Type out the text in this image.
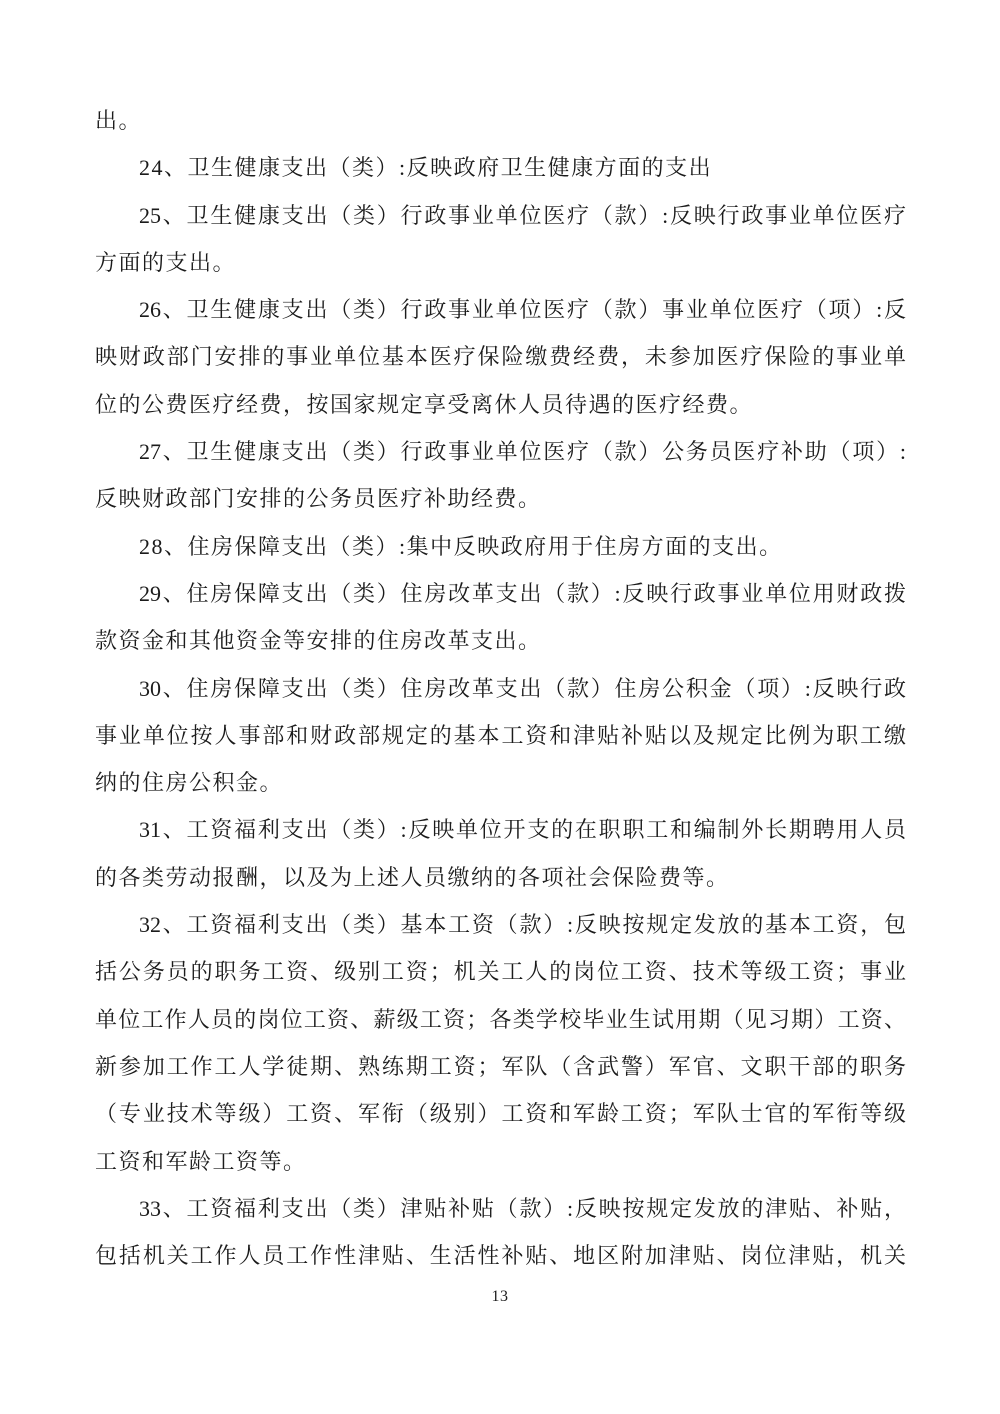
出。
24、卫生健康支出（类）:反映政府卫生健康方面的支出
25、卫生健康支出（类）行政事业单位医疗（款）:反映行政事业单位医疗
方面的支出。
26、卫生健康支出（类）行政事业单位医疗（款）事业单位医疗（项）:反
映财政部门安排的事业单位基本医疗保险缴费经费，未参加医疗保险的事业单
位的公费医疗经费，按国家规定享受离休人员待遇的医疗经费。
27、卫生健康支出（类）行政事业单位医疗（款）公务员医疗补助（项）:
反映财政部门安排的公务员医疗补助经费。
28、住房保障支出（类）:集中反映政府用于住房方面的支出。
29、住房保障支出（类）住房改革支出（款）:反映行政事业单位用财政拨
款资金和其他资金等安排的住房改革支出。
30、住房保障支出（类）住房改革支出（款）住房公积金（项）:反映行政
事业单位按人事部和财政部规定的基本工资和津贴补贴以及规定比例为职工缴
纳的住房公积金。
31、工资福利支出（类）:反映单位开支的在职职工和编制外长期聘用人员
的各类劳动报酬，以及为上述人员缴纳的各项社会保险费等。
32、工资福利支出（类）基本工资（款）:反映按规定发放的基本工资，包
括公务员的职务工资、级别工资；机关工人的岗位工资、技术等级工资；事业
单位工作人员的岗位工资、薪级工资；各类学校毕业生试用期（见习期）工资、
新参加工作工人学徒期、熟练期工资；军队（含武警）军官、文职干部的职务
（专业技术等级）工资、军衔（级别）工资和军龄工资；军队士官的军衔等级
工资和军龄工资等。
33、工资福利支出（类）津贴补贴（款）:反映按规定发放的津贴、补贴，
包括机关工作人员工作性津贴、生活性补贴、地区附加津贴、岗位津贴，机关
13
